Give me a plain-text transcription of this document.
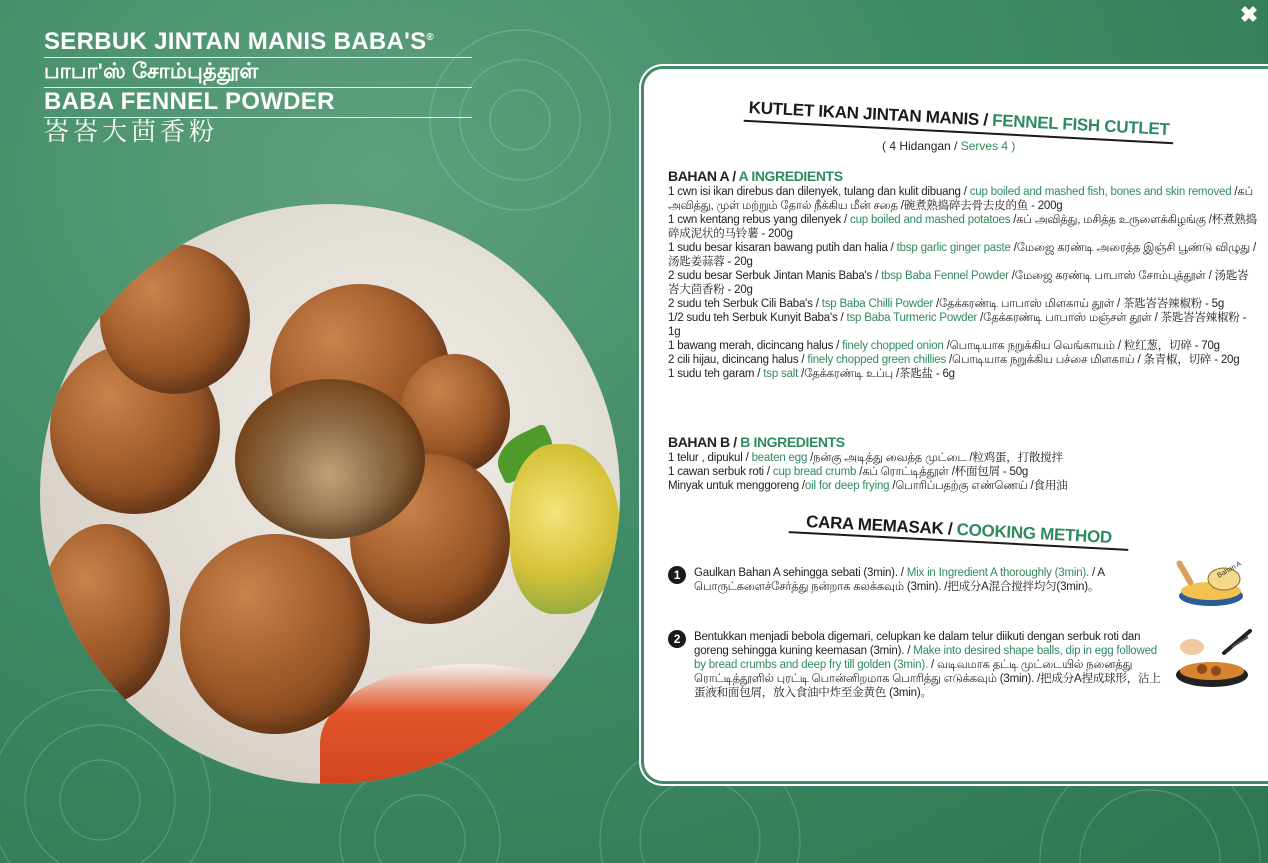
✖
SERBUK JINTAN MANIS BABA'S®
பாபா'ஸ் சோம்புத்தூள்
BABA FENNEL POWDER
峇峇大茴香粉
KUTLET IKAN JINTAN MANIS / FENNEL FISH CUTLET
( 4 Hidangan / Serves 4 )
BAHAN A / A INGREDIENTS
1 cwn isi ikan direbus dan dilenyek, tulang dan kulit dibuang / cup boiled and mashed fish, bones and skin removed /கப் அவித்து, முள் மற்றும் தோல் நீக்கிய மீன் சதை /碗煮熟捣碎去骨去皮的鱼 - 200g
1 cwn kentang rebus yang dilenyek / cup boiled and mashed potatoes /கப் அவித்து, மசித்த உருளைக்கிழங்கு /杯煮熟捣碎成泥状的马铃薯 - 200g
1 sudu besar kisaran bawang putih dan halia / tbsp garlic ginger paste /மேஜை கரண்டி அரைத்த இஞ்சி பூண்டு விழுது /汤匙姜蒜蓉 - 20g
2 sudu besar Serbuk Jintan Manis Baba's / tbsp Baba Fennel Powder /மேஜை கரண்டி பாபாஸ் சோம்புத்தூள் / 汤匙峇峇大茴香粉 - 20g
2 sudu teh Serbuk Cili Baba's / tsp Baba Chilli Powder /தேக்கரண்டி பாபாஸ் மிளகாய் தூள் / 茶匙峇峇辣椒粉 - 5g
1/2 sudu teh Serbuk Kunyit Baba's / tsp Baba Turmeric Powder /தேக்கரண்டி பாபாஸ் மஞ்சள் தூள் / 茶匙峇峇辣椒粉 - 1g
1 bawang merah, dicincang halus / finely chopped onion /பொடியாக நறுக்கிய வெங்காயம் / 粒红葱，切碎 - 70g
2 cili hijau, dicincang halus / finely chopped green chillies /பொடியாக நறுக்கிய பச்சை மிளகாய் / 条青椒，切碎 - 20g
1 sudu teh garam / tsp salt /தேக்கரண்டி உப்பு /茶匙盐 - 6g
BAHAN B / B INGREDIENTS
1 telur , dipukul / beaten egg /நன்கு அடித்து வைத்த முட்டை /粒鸡蛋，打散搅拌
1 cawan serbuk roti / cup bread crumb /கப் ரொட்டித்தூள் /杯面包屑 - 50g
Minyak untuk menggoreng /oil for deep frying /பொரிப்பதற்கு எண்ணெய் /食用油
CARA MEMASAK / COOKING METHOD
1	Gaulkan Bahan A sehingga sebati (3min). / Mix in Ingredient A thoroughly (3min). / A பொருட்களைச்சேர்த்து நன்றாக கலக்கவும் (3min). /把成分A混合搅拌均匀(3min)。
Bahan A
2	Bentukkan menjadi bebola digemari, celupkan ke dalam telur diikuti dengan serbuk roti dan goreng sehingga kuning keemasan (3min). / Make into desired shape balls, dip in egg followed by bread crumbs and deep fry till golden (3min). / வடிவமாக தட்டி முட்டையில் நனைத்து ரொட்டித்தூளில் புரட்டி பொன்னிறமாக பொரித்து எடுக்கவும் (3min). /把成分A捏成球形，沾上蛋液和面包屑，放入食油中炸至金黄色 (3min)。
